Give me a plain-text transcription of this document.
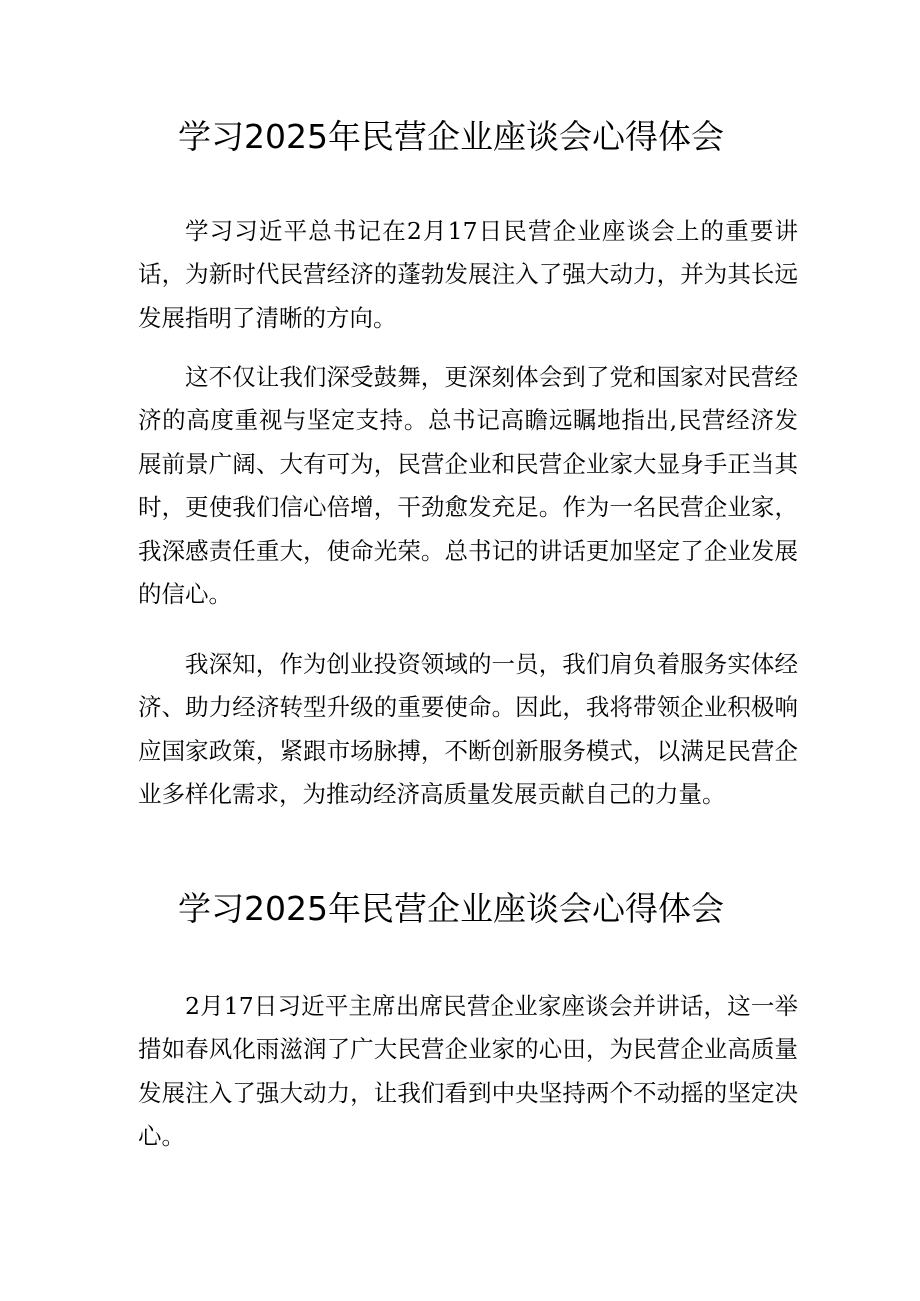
学习2025年民营企业座谈会心得体会

学习习近平总书记在2月17日民营企业座谈会上的重要讲话，为新时代民营经济的蓬勃发展注入了强大动力，并为其长远发展指明了清晰的方向。

这不仅让我们深受鼓舞，更深刻体会到了党和国家对民营经济的高度重视与坚定支持。总书记高瞻远瞩地指出,民营经济发展前景广阔、大有可为，民营企业和民营企业家大显身手正当其时，更使我们信心倍增，干劲愈发充足。作为一名民营企业家，我深感责任重大，使命光荣。总书记的讲话更加坚定了企业发展的信心。

我深知，作为创业投资领域的一员，我们肩负着服务实体经济、助力经济转型升级的重要使命。因此，我将带领企业积极响应国家政策，紧跟市场脉搏，不断创新服务模式，以满足民营企业多样化需求，为推动经济高质量发展贡献自己的力量。

学习2025年民营企业座谈会心得体会

2月17日习近平主席出席民营企业家座谈会并讲话，这一举措如春风化雨滋润了广大民营企业家的心田，为民营企业高质量发展注入了强大动力，让我们看到中央坚持两个不动摇的坚定决心。
